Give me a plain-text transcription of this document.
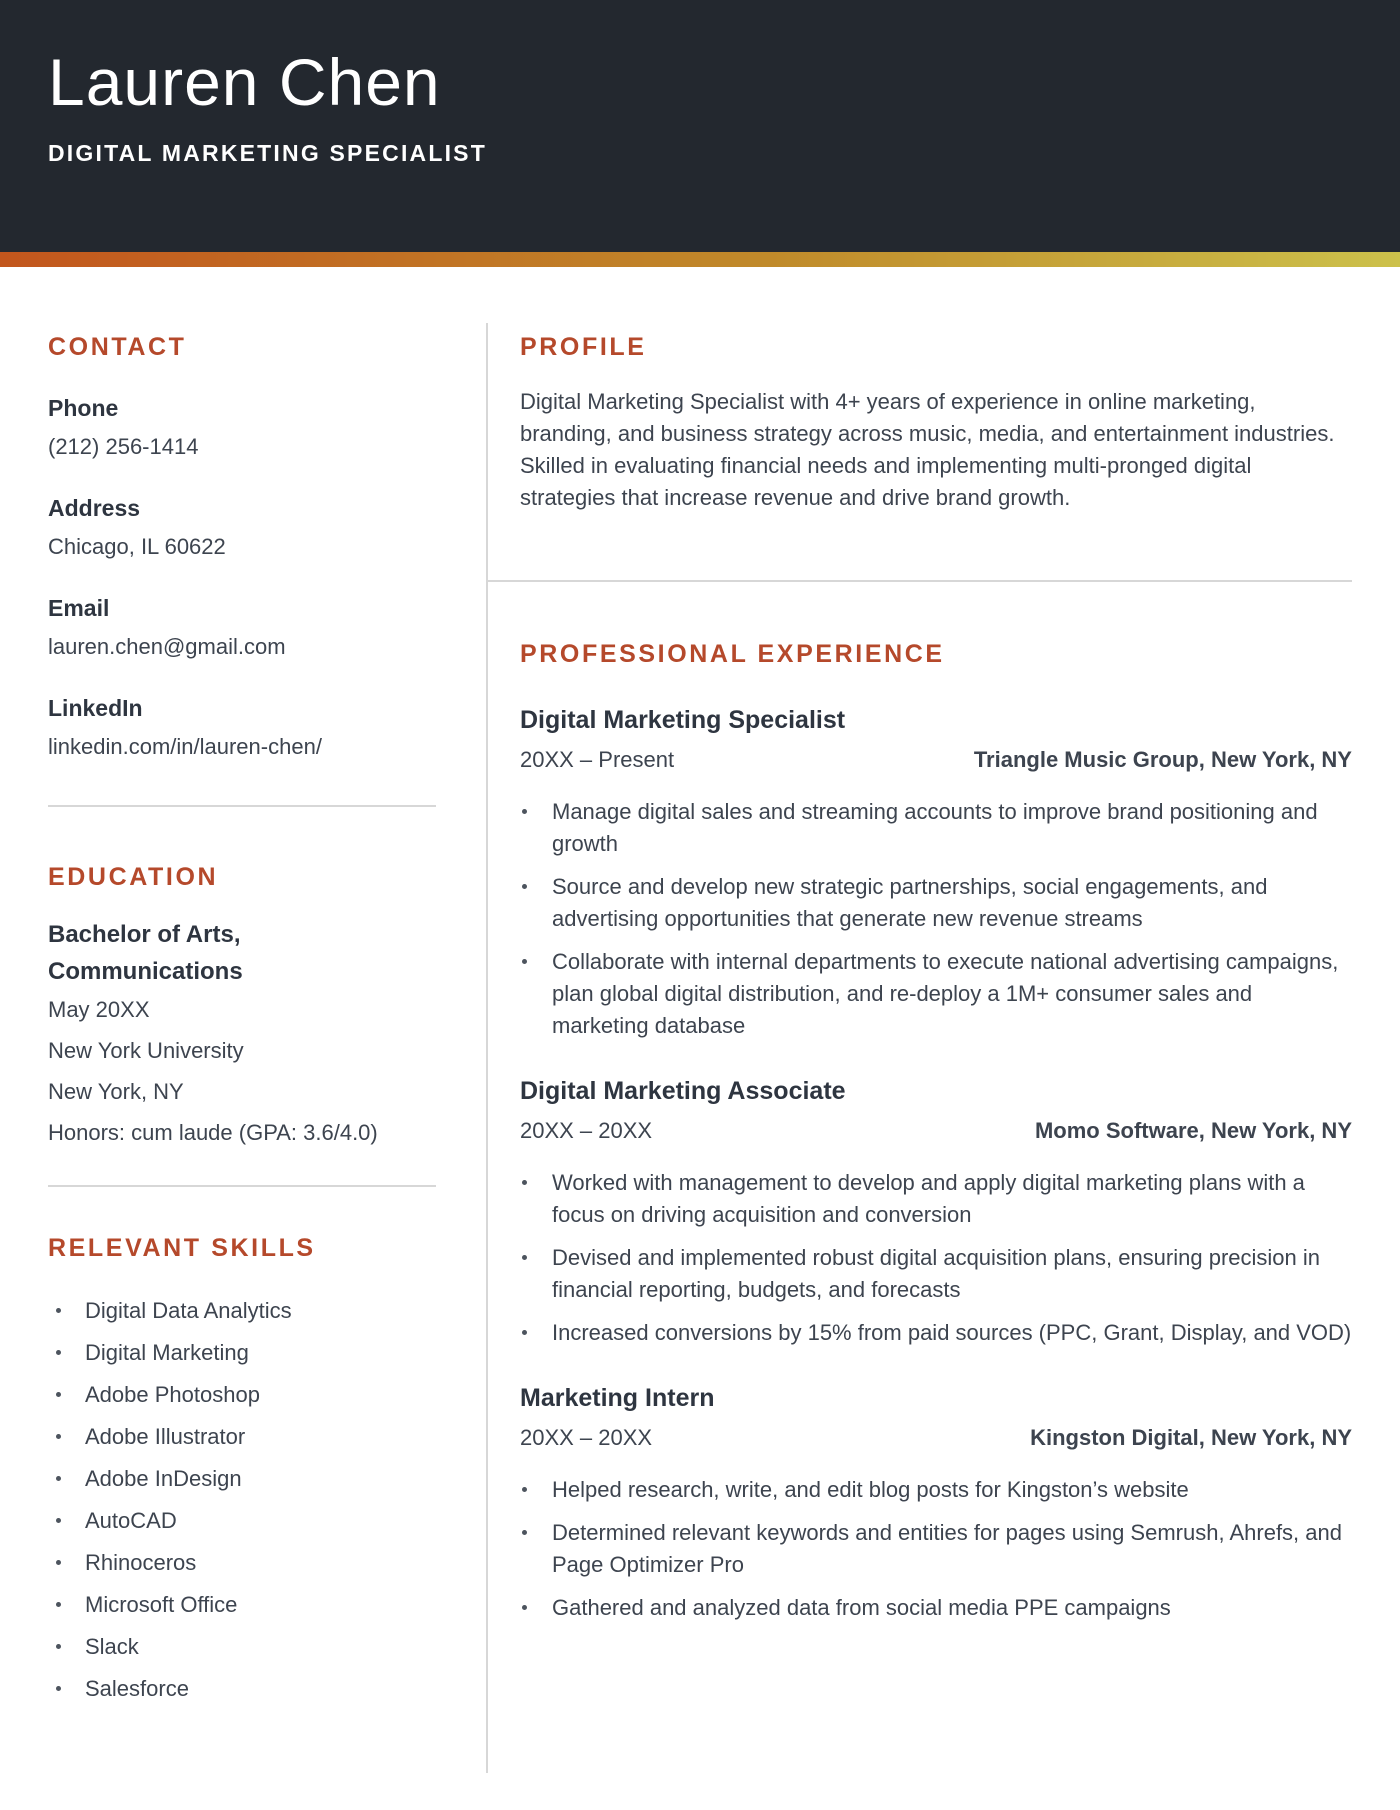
Lauren Chen
DIGITAL MARKETING SPECIALIST
CONTACT
Phone
(212) 256-1414
Address
Chicago, IL 60622
Email
lauren.chen@gmail.com
LinkedIn
linkedin.com/in/lauren-chen/
EDUCATION
Bachelor of Arts, Communications

May 20XX

New York University

New York, NY

Honors: cum laude (GPA: 3.6/4.0)

RELEVANT SKILLS
Digital Data Analytics
Digital Marketing
Adobe Photoshop
Adobe Illustrator
Adobe InDesign
AutoCAD
Rhinoceros
Microsoft Office
Slack
Salesforce
PROFILE

Digital Marketing Specialist with 4+ years of experience in online marketing, branding, and business strategy across music, media, and entertainment industries. Skilled in evaluating financial needs and implementing multi-pronged digital strategies that increase revenue and drive brand growth.

PROFESSIONAL EXPERIENCE
Digital Marketing Specialist
20XX – Present	Triangle Music Group, New York, NY
Manage digital sales and streaming accounts to improve brand positioning and growth
Source and develop new strategic partnerships, social engagements, and advertising opportunities that generate new revenue streams
Collaborate with internal departments to execute national advertising campaigns, plan global digital distribution, and re-deploy a 1M+ consumer sales and marketing database
Digital Marketing Associate
20XX – 20XX	Momo Software, New York, NY
Worked with management to develop and apply digital marketing plans with a focus on driving acquisition and conversion
Devised and implemented robust digital acquisition plans, ensuring precision in financial reporting, budgets, and forecasts
Increased conversions by 15% from paid sources (PPC, Grant, Display, and VOD)
Marketing Intern
20XX – 20XX	Kingston Digital, New York, NY
Helped research, write, and edit blog posts for Kingston’s website
Determined relevant keywords and entities for pages using Semrush, Ahrefs, and Page Optimizer Pro
Gathered and analyzed data from social media PPE campaigns
